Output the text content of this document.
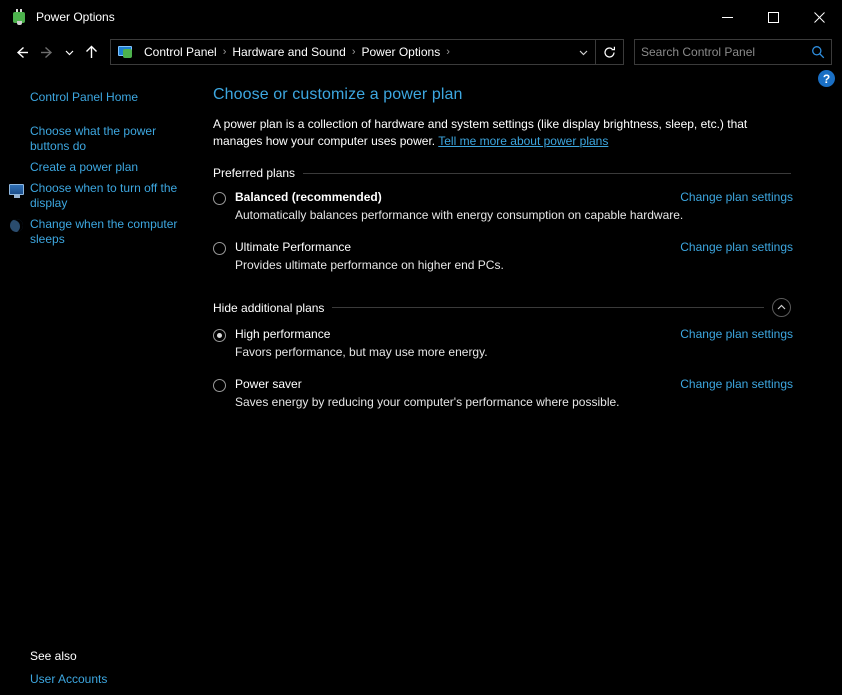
Power Options
Control Panel › Hardware and Sound › Power Options ›
Search Control Panel
Control Panel Home
Choose what the power buttons do
Create a power plan
Choose when to turn off the display
Change when the computer sleeps
See also
User Accounts
?
Choose or customize a power plan
A power plan is a collection of hardware and system settings (like display brightness, sleep, etc.) that manages how your computer uses power. Tell me more about power plans
Preferred plans
Balanced (recommended)	Change plan settings
Automatically balances performance with energy consumption on capable hardware.
Ultimate Performance	Change plan settings
Provides ultimate performance on higher end PCs.
Hide additional plans
High performance	Change plan settings
Favors performance, but may use more energy.
Power saver	Change plan settings
Saves energy by reducing your computer's performance where possible.
